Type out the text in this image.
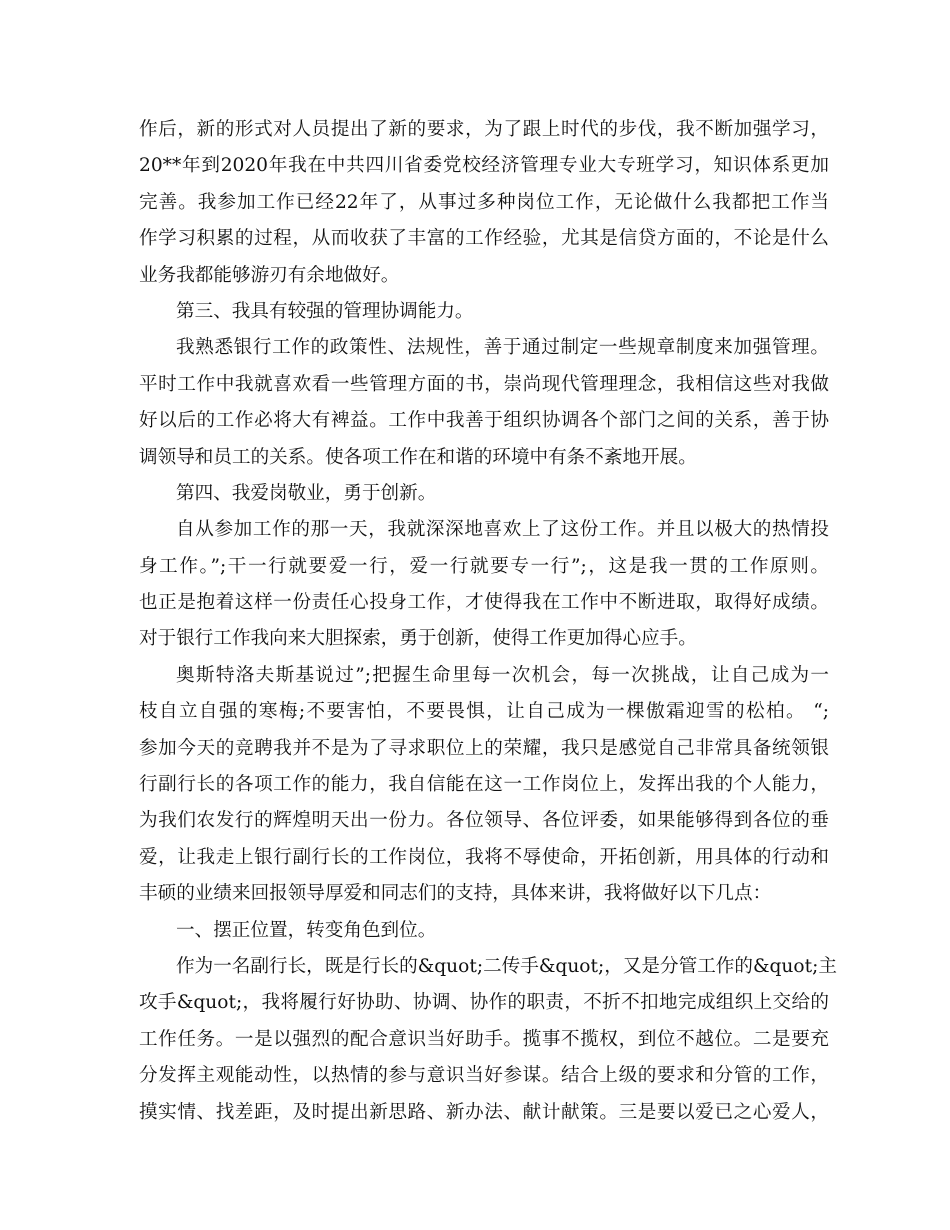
作后，新的形式对人员提出了新的要求，为了跟上时代的步伐，我不断加强学习，
20**年到2020年我在中共四川省委党校经济管理专业大专班学习，知识体系更加
完善。我参加工作已经22年了，从事过多种岗位工作，无论做什么我都把工作当
作学习积累的过程，从而收获了丰富的工作经验，尤其是信贷方面的，不论是什么
业务我都能够游刃有余地做好。
第三、我具有较强的管理协调能力。
我熟悉银行工作的政策性、法规性，善于通过制定一些规章制度来加强管理。
平时工作中我就喜欢看一些管理方面的书，崇尚现代管理理念，我相信这些对我做
好以后的工作必将大有裨益。工作中我善于组织协调各个部门之间的关系，善于协
调领导和员工的关系。使各项工作在和谐的环境中有条不紊地开展。
第四、我爱岗敬业，勇于创新。
自从参加工作的那一天，我就深深地喜欢上了这份工作。并且以极大的热情投
身工作。”;干一行就要爱一行，爱一行就要专一行”;，这是我一贯的工作原则。
也正是抱着这样一份责任心投身工作，才使得我在工作中不断进取，取得好成绩。
对于银行工作我向来大胆探索，勇于创新，使得工作更加得心应手。
奥斯特洛夫斯基说过”;把握生命里每一次机会，每一次挑战，让自己成为一
枝自立自强的寒梅;不要害怕，不要畏惧，让自己成为一棵傲霜迎雪的松柏。 “;
参加今天的竞聘我并不是为了寻求职位上的荣耀，我只是感觉自己非常具备统领银
行副行长的各项工作的能力，我自信能在这一工作岗位上，发挥出我的个人能力，
为我们农发行的辉煌明天出一份力。各位领导、各位评委，如果能够得到各位的垂
爱，让我走上银行副行长的工作岗位，我将不辱使命，开拓创新，用具体的行动和
丰硕的业绩来回报领导厚爱和同志们的支持，具体来讲，我将做好以下几点：
一、摆正位置，转变角色到位。
作为一名副行长，既是行长的&quot;二传手&quot;，又是分管工作的&quot;主
攻手&quot;，我将履行好协助、协调、协作的职责，不折不扣地完成组织上交给的
工作任务。一是以强烈的配合意识当好助手。揽事不揽权，到位不越位。二是要充
分发挥主观能动性，以热情的参与意识当好参谋。结合上级的要求和分管的工作，
摸实情、找差距，及时提出新思路、新办法、献计献策。三是要以爱已之心爱人，
